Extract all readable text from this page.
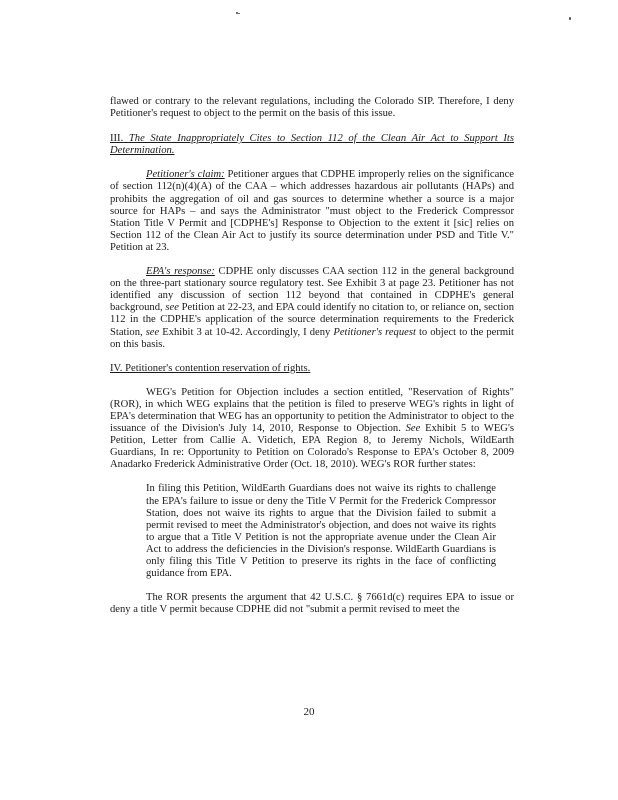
flawed or contrary to the relevant regulations, including the Colorado SIP. Therefore, I deny Petitioner's request to object to the permit on the basis of this issue.

III. The State Inappropriately Cites to Section 112 of the Clean Air Act to Support Its Determination.

Petitioner's claim: Petitioner argues that CDPHE improperly relies on the significance of section 112(n)(4)(A) of the CAA – which addresses hazardous air pollutants (HAPs) and prohibits the aggregation of oil and gas sources to determine whether a source is a major source for HAPs – and says the Administrator "must object to the Frederick Compressor Station Title V Permit and [CDPHE's] Response to Objection to the extent it [sic] relies on Section 112 of the Clean Air Act to justify its source determination under PSD and Title V." Petition at 23.

EPA's response: CDPHE only discusses CAA section 112 in the general background on the three-part stationary source regulatory test. See Exhibit 3 at page 23. Petitioner has not identified any discussion of section 112 beyond that contained in CDPHE's general background, see Petition at 22-23, and EPA could identify no citation to, or reliance on, section 112 in the CDPHE's application of the source determination requirements to the Frederick Station, see Exhibit 3 at 10-42. Accordingly, I deny Petitioner's request to object to the permit on this basis.

IV. Petitioner's contention reservation of rights.

WEG's Petition for Objection includes a section entitled, "Reservation of Rights" (ROR), in which WEG explains that the petition is filed to preserve WEG's rights in light of EPA's determination that WEG has an opportunity to petition the Administrator to object to the issuance of the Division's July 14, 2010, Response to Objection. See Exhibit 5 to WEG's Petition, Letter from Callie A. Videtich, EPA Region 8, to Jeremy Nichols, WildEarth Guardians, In re: Opportunity to Petition on Colorado's Response to EPA's October 8, 2009 Anadarko Frederick Administrative Order (Oct. 18, 2010). WEG's ROR further states:

In filing this Petition, WildEarth Guardians does not waive its rights to challenge the EPA's failure to issue or deny the Title V Permit for the Frederick Compressor Station, does not waive its rights to argue that the Division failed to submit a permit revised to meet the Administrator's objection, and does not waive its rights to argue that a Title V Petition is not the appropriate avenue under the Clean Air Act to address the deficiencies in the Division's response. WildEarth Guardians is only filing this Title V Petition to preserve its rights in the face of conflicting guidance from EPA.

The ROR presents the argument that 42 U.S.C. § 7661d(c) requires EPA to issue or deny a title V permit because CDPHE did not "submit a permit revised to meet the

20
